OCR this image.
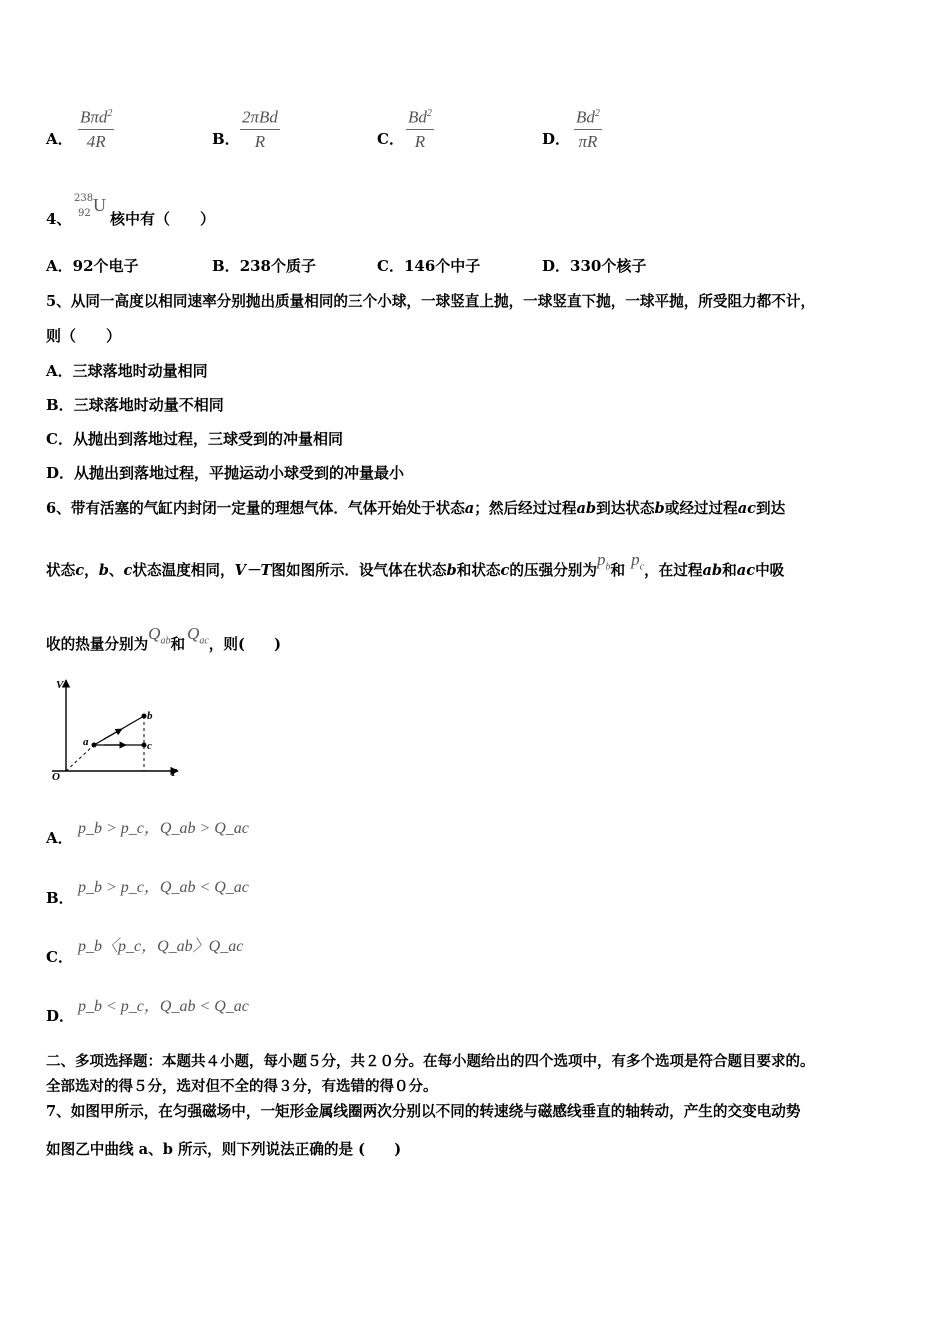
A．
Bπd$^2$
4R	B．
2πBd
R	C．
Bd$^2$
R	D．
Bd$^2$
πR
4、
238
92 U
核中有（　　）
A．92个电子	B．238个质子	C．146个中子	D．330个核子
5、从同一高度以相同速率分别抛出质量相同的三个小球，一球竖直上抛，一球竖直下抛，一球平抛，所受阻力都不计，
则（　　）
A．三球落地时动量相同
B．三球落地时动量不相同
C．从抛出到落地过程，三球受到的冲量相同
D．从抛出到落地过程，平抛运动小球受到的冲量最小
6、带有活塞的气缸内封闭一定量的理想气体．气体开始处于状态a；然后经过过程ab到达状态b或经过过程ac到达
状态c，b、c状态温度相同，V－T图如图所示．设气体在状态b和状态c的压强分别为$p_b$和$p_c$，在过程ab和ac中吸
收的热量分别为$Q_{ab}$和$Q_{ac}$，则(　　)
V
T
O
a
b
c
A．
p_b > p_c，Q_ab > Q_ac
B．
p_b > p_c，Q_ab < Q_ac
C．
p_b〈p_c，Q_ab〉Q_ac
D．
p_b < p_c，Q_ab < Q_ac
二、多项选择题：本题共４小题，每小题５分，共２０分。在每小题给出的四个选项中，有多个选项是符合题目要求的。
全部选对的得５分，选对但不全的得３分，有选错的得０分。
7、如图甲所示，在匀强磁场中，一矩形金属线圈两次分别以不同的转速绕与磁感线垂直的轴转动，产生的交变电动势
如图乙中曲线 a、b 所示，则下列说法正确的是 (　　)
